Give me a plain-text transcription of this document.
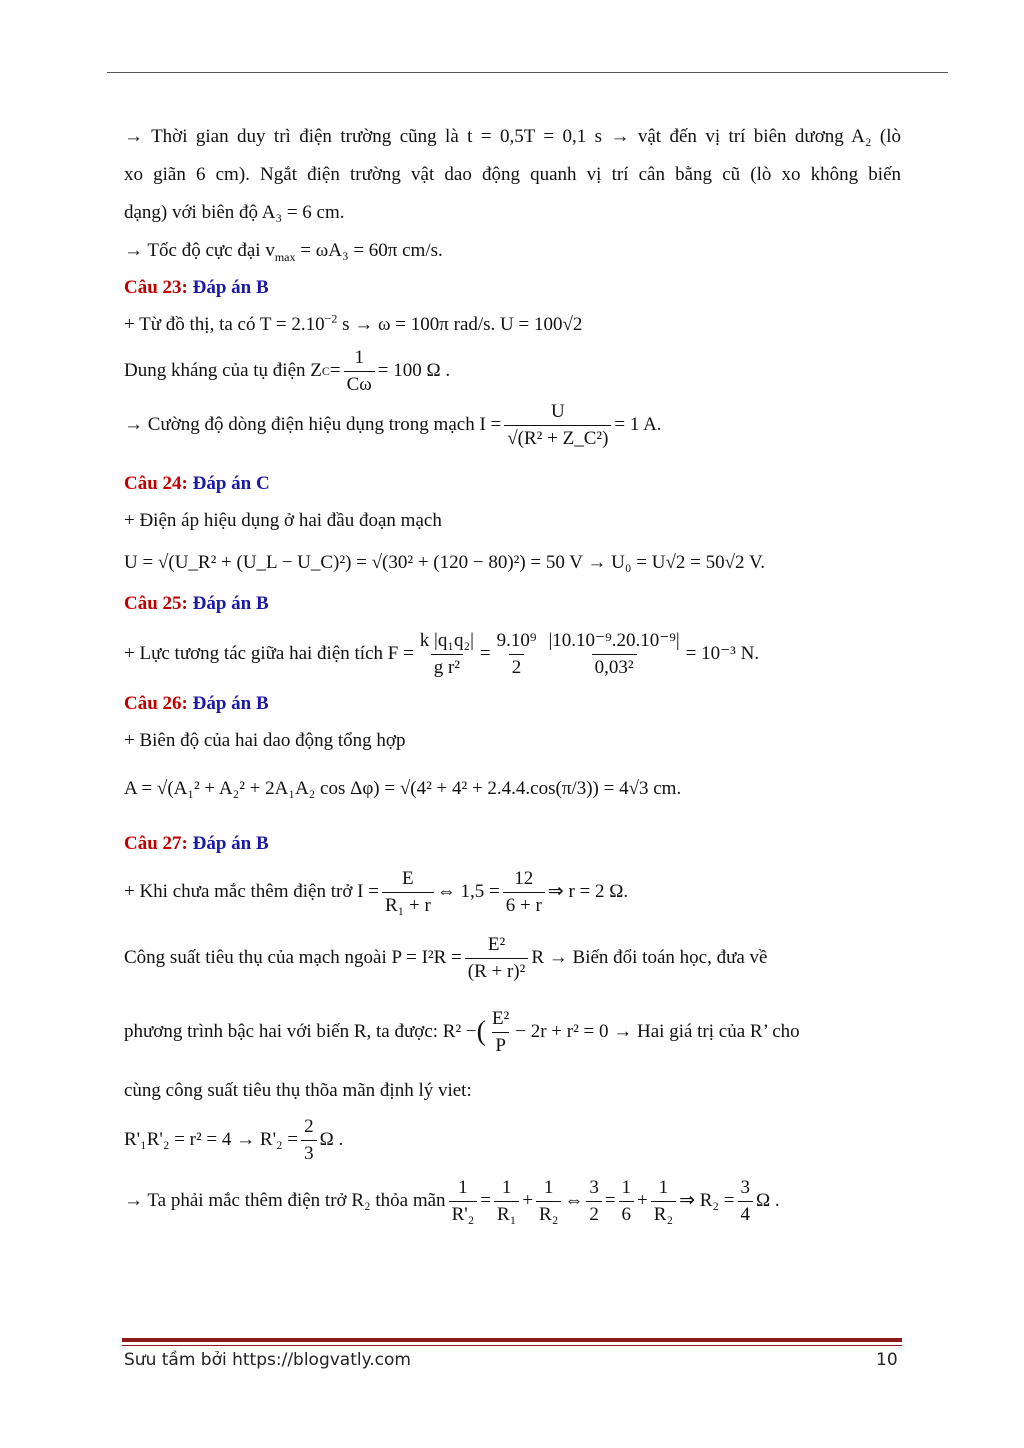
→ Thời gian duy trì điện trường cũng là t = 0,5T = 0,1 s → vật đến vị trí biên dương A₂ (lò
xo giãn 6 cm). Ngắt điện trường vật dao động quanh vị trí cân bằng cũ (lò xo không biến
dạng) với biên độ A₃ = 6 cm.
→ Tốc độ cực đại $v_{max} = \omega A_3 = 60\pi$ cm/s.
Câu 23: Đáp án B
+ Từ đồ thị, ta có $T = 2.10^{-2}$ s → ω = 100π rad/s. U = 100√2
Dung kháng của tụ điện Z $C = \frac{1}{C\omega} = 100$ Ω .
→ Cường độ dòng điện hiệu dụng trong mạch $I = \frac{U}{\text{√(R² + Z\_C²)}} = 1$ A.
Câu 24: Đáp án C
+ Điện áp hiệu dụng ở hai đầu đoạn mạch
U = √(U_R² + (U_L − U_C)²) = √(30² + (120 − 80)²) = 50 V → U₀ = U√2 = 50√2 V.
Câu 25: Đáp án B
+ Lực tương tác giữa hai điện tích $F = \frac{\text{k |q₁q₂|}}{\text{g r²}} = \frac{\text{9.10⁹}}{2} \frac{\text{|10.10⁻⁹.20.10⁻⁹|}}{\text{0,03²}} = 10^{-3}$ N.
Câu 26: Đáp án B
+ Biên độ của hai dao động tổng hợp
A = √(A₁² + A₂² + 2A₁A₂ cos Δφ) = √(4² + 4² + 2.4.4.cos(π/3)) = 4√3 cm.
Câu 27: Đáp án B
+ Khi chưa mắc thêm điện trở $I = \frac{E}{\text{R₁ + r}}$ ⇔ $1,5 = \frac{12}{6 + r}$ ⇒ r = 2 Ω.
Công suất tiêu thụ của mạch ngoài $P = I^2R = \frac{\text{E²}}{\text{(R + r)²}}$ R → Biến đổi toán học, đưa về
phương trình bậc hai với biến R, ta được: R² − ( $\frac{\text{E²}}{P} - 2r + r^2 = 0$ → Hai giá trị của R’ cho
cùng công suất tiêu thụ thõa mãn định lý viet:
$R'_1R'_2 = r^2 = 4 \to R'_2 = \frac{2}{3}$ Ω .
→ Ta phải mắc thêm điện trở R₂ thỏa mãn $\frac{1}{\text{R'₂}} = \frac{1}{\text{R₁}} + \frac{1}{\text{R₂}}$ ⇔ $\frac{3}{2} = \frac{1}{6} + \frac{1}{\text{R₂}}$ ⇒ $R_2 = \frac{3}{4}$ Ω .
Sưu tầm bởi https://blogvatly.com	10
